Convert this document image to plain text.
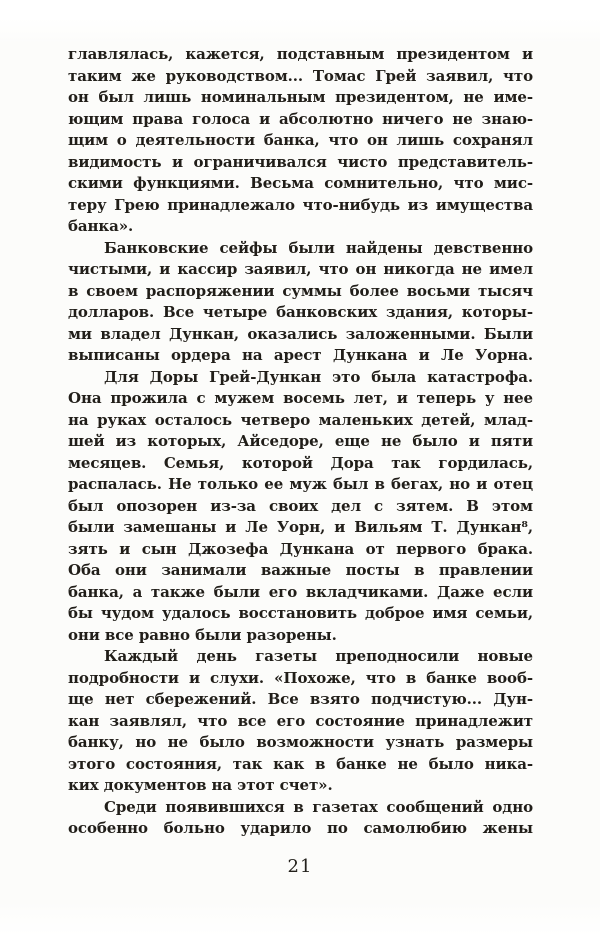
главлялась, кажется, подставным президентом и
таким же руководством... Томас Грей заявил, что
он был лишь номинальным президентом, не име-
ющим права голоса и абсолютно ничего не знаю-
щим о деятельности банка, что он лишь сохранял
видимость и ограничивался чисто представитель-
скими функциями. Весьма сомнительно, что мис-
теру Грею принадлежало что-нибудь из имущества
банка».
Банковские сейфы были найдены девственно
чистыми, и кассир заявил, что он никогда не имел
в своем распоряжении суммы более восьми тысяч
долларов. Все четыре банковских здания, которы-
ми владел Дункан, оказались заложенными. Были
выписаны ордера на арест Дункана и Ле Уорна.
Для Доры Грей-Дункан это была катастрофа.
Она прожила с мужем восемь лет, и теперь у нее
на руках осталось четверо маленьких детей, млад-
шей из которых, Айседоре, еще не было и пяти
месяцев. Семья, которой Дора так гордилась,
распалась. Не только ее муж был в бегах, но и отец
был опозорен из-за своих дел с зятем. В этом
были замешаны и Ле Уорн, и Вильям Т. Дункан⁸,
зять и сын Джозефа Дункана от первого брака.
Оба они занимали важные посты в правлении
банка, а также были его вкладчиками. Даже если
бы чудом удалось восстановить доброе имя семьи,
они все равно были разорены.
Каждый день газеты преподносили новые
подробности и слухи. «Похоже, что в банке вооб-
ще нет сбережений. Все взято подчистую... Дун-
кан заявлял, что все его состояние принадлежит
банку, но не было возможности узнать размеры
этого состояния, так как в банке не было ника-
ких документов на этот счет».
Среди появившихся в газетах сообщений одно
особенно больно ударило по самолюбию жены
21
